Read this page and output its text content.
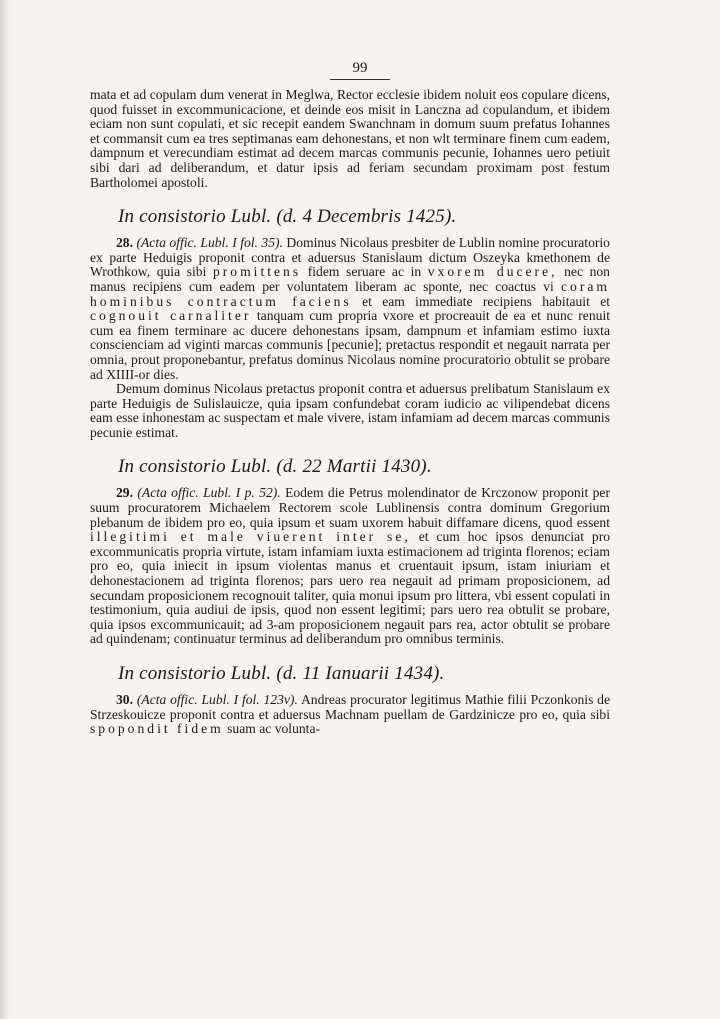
99

mata et ad copulam dum venerat in Meglwa, Rector ecclesie ibidem noluit eos copulare dicens, quod fuisset in excommunicacione, et deinde eos misit in Lanczna ad copulandum, et ibidem eciam non sunt copulati, et sic recepit eandem Swanchnam in domum suum prefatus Iohannes et commansit cum ea tres septimanas eam dehonestans, et non wlt terminare finem cum eadem, dampnum et verecundiam estimat ad decem marcas communis pecunie, Iohannes uero petiuit sibi dari ad deliberandum, et datur ipsis ad feriam secundam proximam post festum Bartholomei apostoli.

In consistorio Lubl. (d. 4 Decembris 1425).

28. (Acta offic. Lubl. I fol. 35). Dominus Nicolaus presbiter de Lublin nomine procuratorio ex parte Heduigis proponit contra et aduersus Stanislaum dictum Oszeyka kmethonem de Wrothkow, quia sibi promittens fidem seruare ac in vxorem ducere, nec non manus recipiens cum eadem per voluntatem liberam ac sponte, nec coactus vi coram hominibus contractum faciens et eam immediate recipiens habitauit et cognouit carnaliter tanquam cum propria vxore et procreauit de ea et nunc renuit cum ea finem terminare ac ducere dehonestans ipsam, dampnum et infamiam estimo iuxta conscienciam ad viginti marcas communis [pecunie]; pretactus respondit et negauit narrata per omnia, prout proponebantur, prefatus dominus Nicolaus nomine procuratorio obtulit se probare ad XIIII-or dies.

Demum dominus Nicolaus pretactus proponit contra et aduersus prelibatum Stanislaum ex parte Heduigis de Sulislauicze, quia ipsam confundebat coram iudicio ac vilipendebat dicens eam esse inhonestam ac suspectam et male vivere, istam infamiam ad decem marcas communis pecunie estimat.

In consistorio Lubl. (d. 22 Martii 1430).

29. (Acta offic. Lubl. I p. 52). Eodem die Petrus molendinator de Krczonow proponit per suum procuratorem Michaelem Rectorem scole Lublinensis contra dominum Gregorium plebanum de ibidem pro eo, quia ipsum et suam uxorem habuit diffamare dicens, quod essent illegitimi et male viuerent inter se, et cum hoc ipsos denunciat pro excommunicatis propria virtute, istam infamiam iuxta estimacionem ad triginta florenos; eciam pro eo, quia iniecit in ipsum violentas manus et cruentauit ipsum, istam iniuriam et dehonestacionem ad triginta florenos; pars uero rea negauit ad primam proposicionem, ad secundam proposicionem recognouit taliter, quia monui ipsum pro littera, vbi essent copulati in testimonium, quia audiui de ipsis, quod non essent legitimi; pars uero rea obtulit se probare, quia ipsos excommunicauit; ad 3-am proposicionem negauit pars rea, actor obtulit se probare ad quindenam; continuatur terminus ad deliberandum pro omnibus terminis.

In consistorio Lubl. (d. 11 Ianuarii 1434).

30. (Acta offic. Lubl. I fol. 123v). Andreas procurator legitimus Mathie filii Pczonkonis de Strzeskouicze proponit contra et aduersus Machnam puellam de Gardzinicze pro eo, quia sibi spopondit fidem suam ac volunta-
